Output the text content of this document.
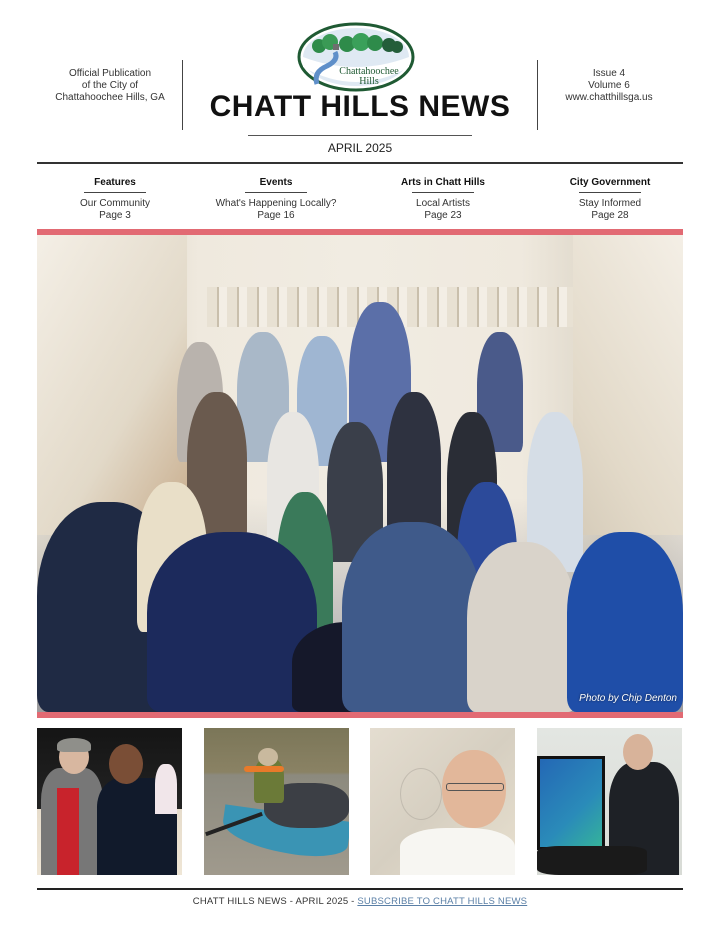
Official Publication
of the City of
Chattahoochee Hills, GA
Chattahoochee
Hills
CHATT HILLS NEWS
APRIL 2025
Issue 4
Volume 6
www.chatthillsga.us
Features
Our Community
Page 3
Events
What's Happening Locally?
Page 16
Arts in Chatt Hills
Local Artists
Page 23
City Government
Stay Informed
Page 28
Photo by Chip Denton
CHATT HILLS NEWS - APRIL 2025 - SUBSCRIBE TO CHATT HILLS NEWS
